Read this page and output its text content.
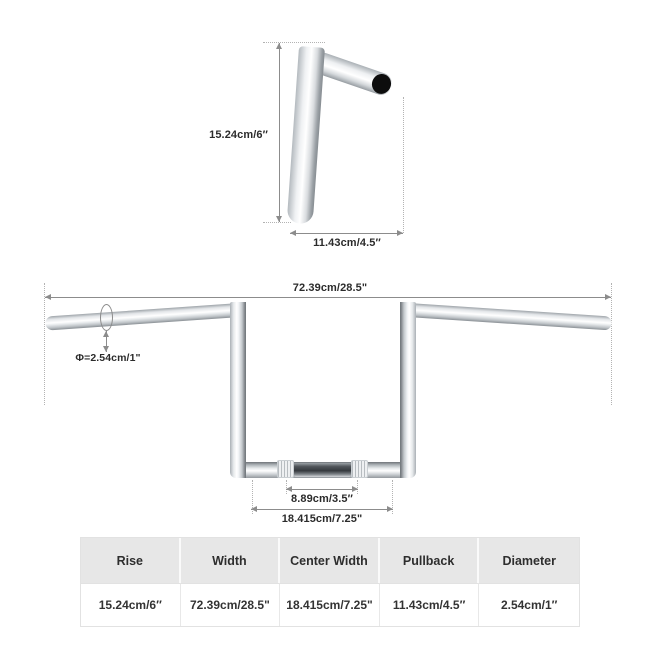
15.24cm/6″
11.43cm/4.5″
72.39cm/28.5"
Φ=2.54cm/1"
8.89cm/3.5″
18.415cm/7.25"
Rise	Width	Center Width	Pullback	Diameter
15.24cm/6″	72.39cm/28.5"	18.415cm/7.25"	11.43cm/4.5″	2.54cm/1″
